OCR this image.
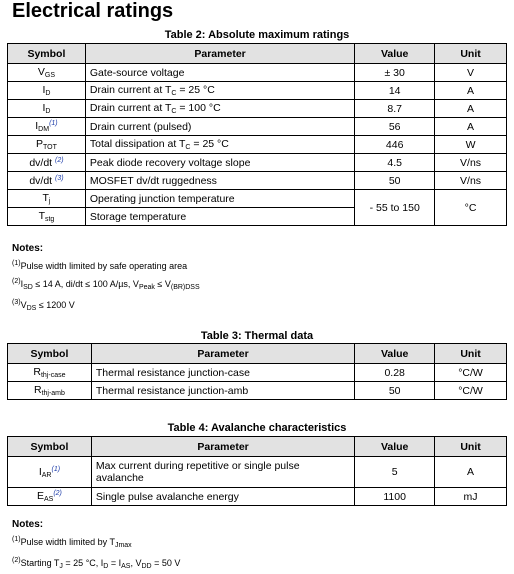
Electrical ratings
Table 2: Absolute maximum ratings
Symbol	Parameter	Value	Unit
$V_{GS}$	Gate-source voltage	± 30	V
$I_D$	Drain current at $T_C = 25$ °C	14	A
$I_D$	Drain current at $T_C = 100$ °C	8.7	A
$I_{DM}^{(1)}$	Drain current (pulsed)	56	A
$P_{TOT}$	Total dissipation at $T_C = 25$ °C	446	W
dv/dt $^{(2)}$	Peak diode recovery voltage slope	4.5	V/ns
dv/dt $^{(3)}$	MOSFET dv/dt ruggedness	50	V/ns
$T_j$	Operating junction temperature	- 55 to 150	°C
$T_{stg}$	Storage temperature		
Notes:
$^{(1)}$Pulse width limited by safe operating area
$^{(2)}I_{SD} \le 14$ A, di/dt ≤ 100 A/µs, $V_{Peak} \le V_{(BR)DSS}$
$^{(3)}V_{DS} \le 1200$ V
Table 3: Thermal data
Symbol	Parameter	Value	Unit
$R_{thj-case}$	Thermal resistance junction-case	0.28	°C/W
$R_{thj-amb}$	Thermal resistance junction-amb	50	°C/W
Table 4: Avalanche characteristics
Symbol	Parameter	Value	Unit
$I_{AR}^{(1)}$	Max current during repetitive or single pulse avalanche	5	A
$E_{AS}^{(2)}$	Single pulse avalanche energy	1100	mJ
Notes:
$^{(1)}$Pulse width limited by $T_{Jmax}$
$^{(2)}$Starting $T_J = 25$ °C, $I_D = I_{AS}$, $V_{DD} = 50$ V
